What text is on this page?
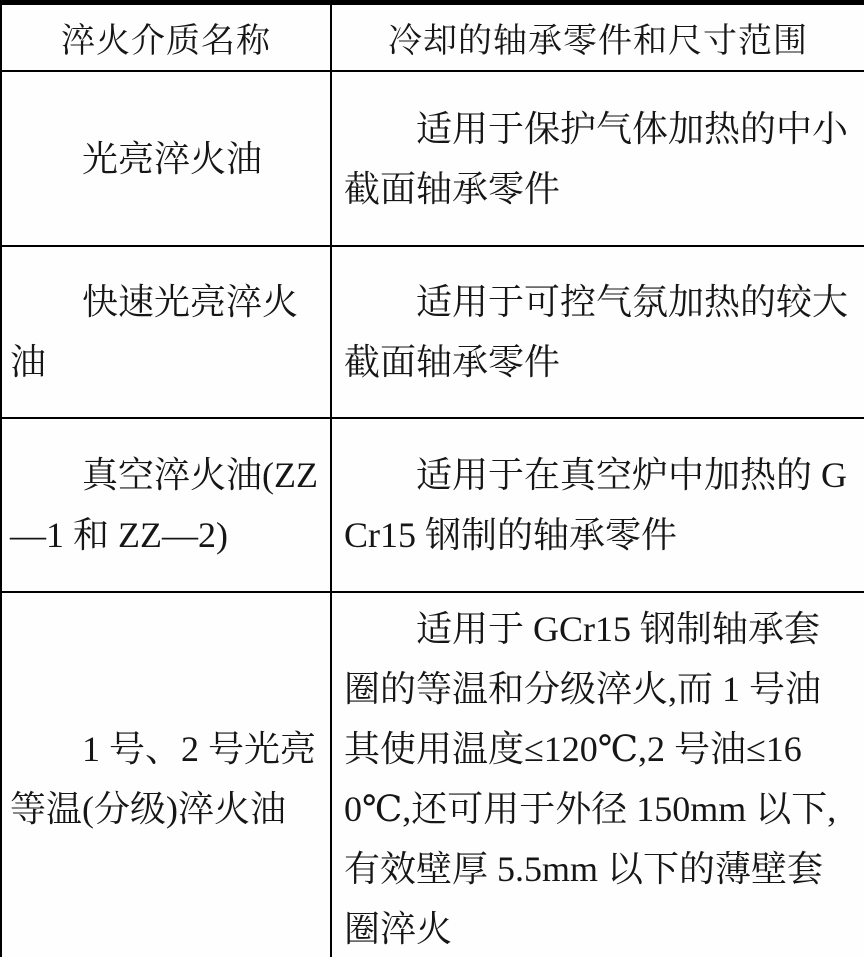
淬火介质名称	冷却的轴承零件和尺寸范围

光亮淬火油	适用于保护气体加热的中小截面轴承零件

快速光亮淬火油	适用于可控气氛加热的较大截面轴承零件

真空淬火油(ZZ—1 和 ZZ—2)	适用于在真空炉中加热的 GCr15 钢制的轴承零件

1 号、2 号光亮等温(分级)淬火油	适用于 GCr15 钢制轴承套圈的等温和分级淬火,而 1 号油其使用温度≤120℃,2 号油≤160℃,还可用于外径 150mm 以下,有效壁厚 5.5mm 以下的薄壁套圈淬火
